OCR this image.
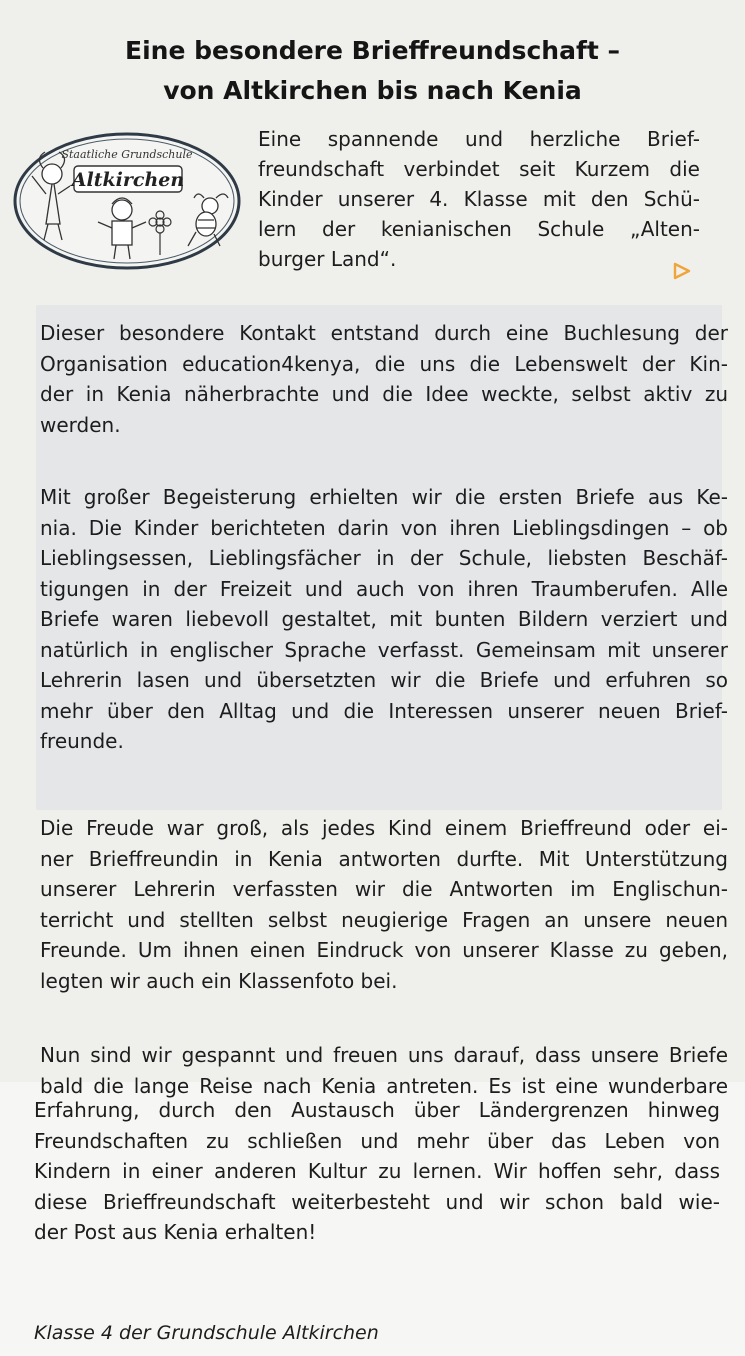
Eine besondere Brieffreundschaft –
von Altkirchen bis nach Kenia
Staatliche Grundschule
Altkirchen
Eine spannende und herzliche Brief-
freundschaft verbindet seit Kurzem die
Kinder unserer 4. Klasse mit den Schü-
lern der kenianischen Schule „Alten-
burger Land“.
Dieser besondere Kontakt entstand durch eine Buchlesung der
Organisation education4kenya, die uns die Lebenswelt der Kin-
der in Kenia näherbrachte und die Idee weckte, selbst aktiv zu
werden.
Mit großer Begeisterung erhielten wir die ersten Briefe aus Ke-
nia. Die Kinder berichteten darin von ihren Lieblingsdingen – ob
Lieblingsessen, Lieblingsfächer in der Schule, liebsten Beschäf-
tigungen in der Freizeit und auch von ihren Traumberufen. Alle
Briefe waren liebevoll gestaltet, mit bunten Bildern verziert und
natürlich in englischer Sprache verfasst. Gemeinsam mit unserer
Lehrerin lasen und übersetzten wir die Briefe und erfuhren so
mehr über den Alltag und die Interessen unserer neuen Brief-
freunde.
Die Freude war groß, als jedes Kind einem Brieffreund oder ei-
ner Brieffreundin in Kenia antworten durfte. Mit Unterstützung
unserer Lehrerin verfassten wir die Antworten im Englischun-
terricht und stellten selbst neugierige Fragen an unsere neuen
Freunde. Um ihnen einen Eindruck von unserer Klasse zu geben,
legten wir auch ein Klassenfoto bei.
Nun sind wir gespannt und freuen uns darauf, dass unsere Briefe
bald die lange Reise nach Kenia antreten. Es ist eine wunderbare
Erfahrung, durch den Austausch über Ländergrenzen hinweg
Freundschaften zu schließen und mehr über das Leben von
Kindern in einer anderen Kultur zu lernen. Wir hoffen sehr, dass
diese Brieffreundschaft weiterbesteht und wir schon bald wie-
der Post aus Kenia erhalten!
Klasse 4 der Grundschule Altkirchen
